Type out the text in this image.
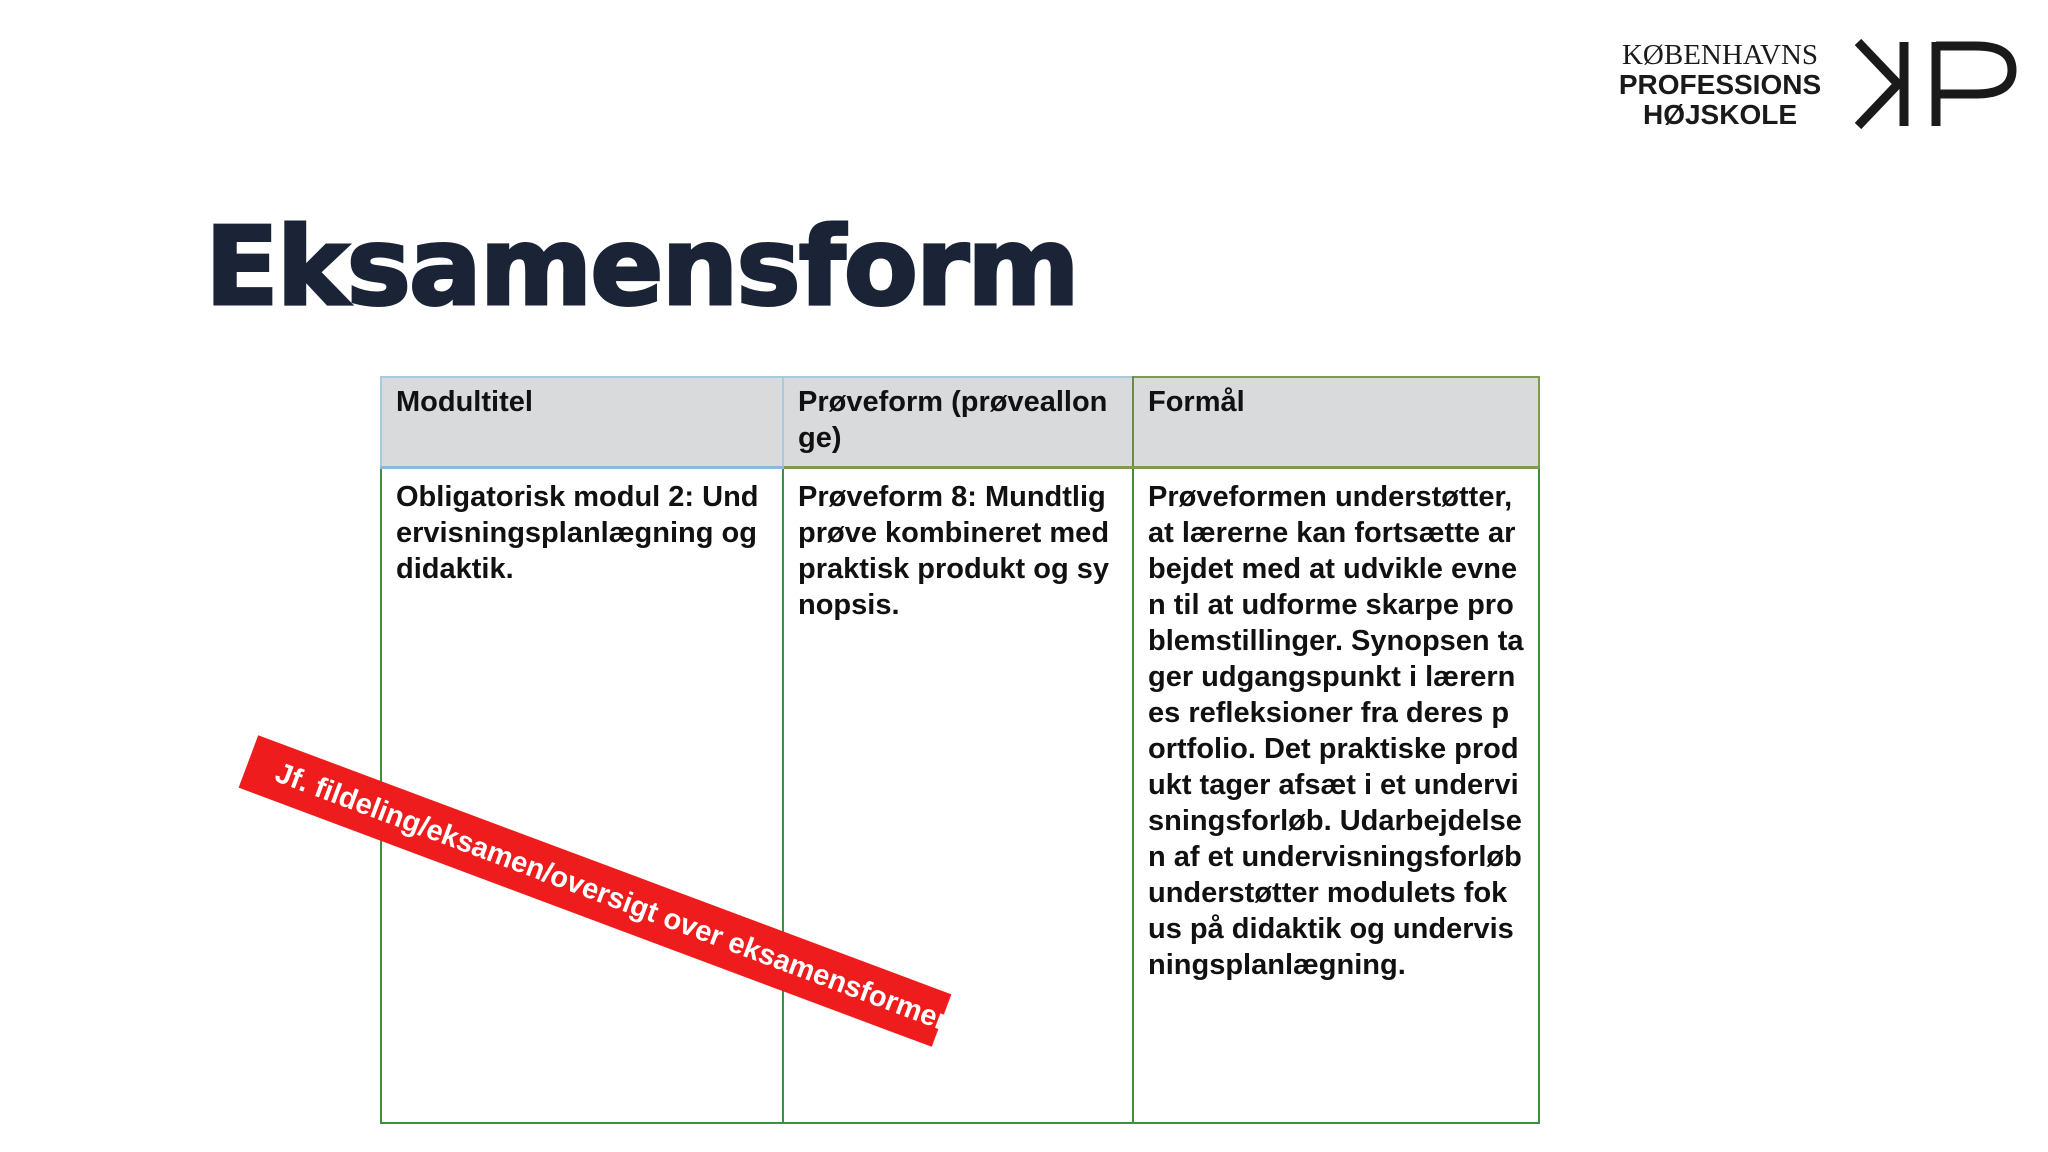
KØBENHAVNS
PROFESSIONS
HØJSKOLE
Eksamensform
Modultitel	Prøveform (prøveallonge)	Formål
Obligatorisk modul 2: Undervisningsplanlægning og didaktik.	Prøveform 8: Mundtlig prøve kombineret med praktisk produkt og synopsis.	Prøveformen understøtter, at lærerne kan fortsætte arbejdet med at udvikle evnen til at udforme skarpe problemstillinger. Synopsen tager udgangspunkt i lærernes refleksioner fra deres portfolio. Det praktiske produkt tager afsæt i et undervisningsforløb. Udarbejdelsen af et undervisningsforløb understøtter modulets fokus på didaktik og undervisningsplanlægning.
Jf. fildeling/eksamen/oversigt over eksamensformer
